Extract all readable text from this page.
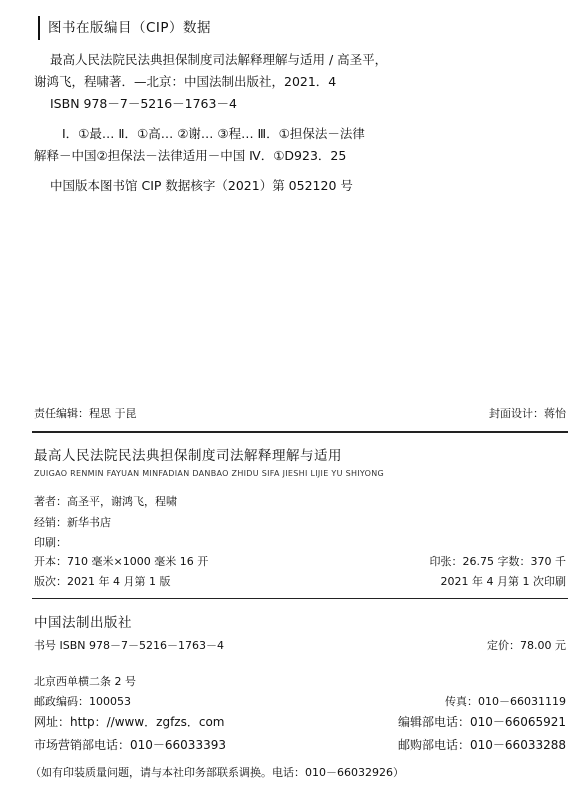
图书在版编目（CIP）数据
最高人民法院民法典担保制度司法解释理解与适用 / 高圣平，
谢鸿飞，程啸著．—北京：中国法制出版社，2021．4
ISBN 978－7－5216－1763－4
Ⅰ．①最… Ⅱ．①高… ②谢… ③程… Ⅲ．①担保法－法律
解释－中国②担保法－法律适用－中国 Ⅳ．①D923．25
中国版本图书馆 CIP 数据核字（2021）第 052120 号
责任编辑：程思 于昆	封面设计：蒋怡
最高人民法院民法典担保制度司法解释理解与适用
ZUIGAO RENMIN FAYUAN MINFADIAN DANBAO ZHIDU SIFA JIESHI LIJIE YU SHIYONG
著者：高圣平，谢鸿飞，程啸
经销：新华书店
印刷：
开本：710 毫米×1000 毫米 16 开	印张：26.75 字数：370 千
版次：2021 年 4 月第 1 版	2021 年 4 月第 1 次印刷
中国法制出版社
书号 ISBN 978－7－5216－1763－4	定价：78.00 元
北京西单横二条 2 号
邮政编码：100053	传真：010－66031119
网址：http：//www．zgfzs．com	编辑部电话：010－66065921
市场营销部电话：010－66033393	邮购部电话：010－66033288
（如有印装质量问题，请与本社印务部联系调换。电话：010－66032926）
